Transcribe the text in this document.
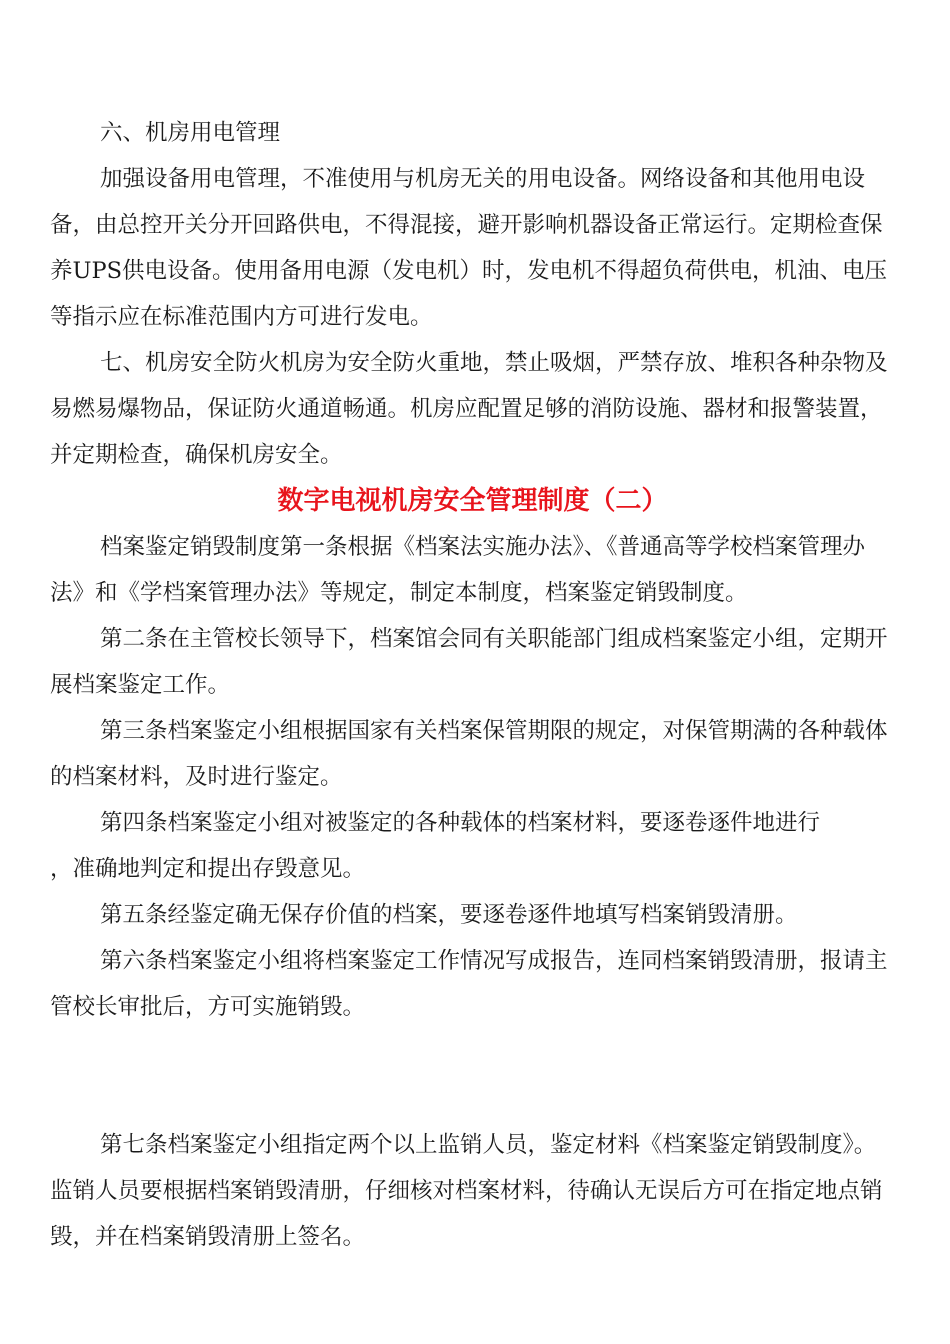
六、机房用电管理

加强设备用电管理，不准使用与机房无关的用电设备。网络设备和其他用电设
备，由总控开关分开回路供电，不得混接，避开影响机器设备正常运行。定期检查保
养UPS供电设备。使用备用电源（发电机）时，发电机不得超负荷供电，机油、电压
等指示应在标准范围内方可进行发电。
七、机房安全防火机房为安全防火重地，禁止吸烟，严禁存放、堆积各种杂物及
易燃易爆物品，保证防火通道畅通。机房应配置足够的消防设施、器材和报警装置，
并定期检查，确保机房安全。
数字电视机房安全管理制度（二）
档案鉴定销毁制度第一条根据《档案法实施办法》、《普通高等学校档案管理办
法》和《学档案管理办法》等规定，制定本制度，档案鉴定销毁制度。
第二条在主管校长领导下，档案馆会同有关职能部门组成档案鉴定小组，定期开
展档案鉴定工作。
第三条档案鉴定小组根据国家有关档案保管期限的规定，对保管期满的各种载体
的档案材料，及时进行鉴定。
第四条档案鉴定小组对被鉴定的各种载体的档案材料，要逐卷逐件地进行
，准确地判定和提出存毁意见。
第五条经鉴定确无保存价值的档案，要逐卷逐件地填写档案销毁清册。
第六条档案鉴定小组将档案鉴定工作情况写成报告，连同档案销毁清册，报请主
管校长审批后，方可实施销毁。
第七条档案鉴定小组指定两个以上监销人员，鉴定材料《档案鉴定销毁制度》。
监销人员要根据档案销毁清册，仔细核对档案材料，待确认无误后方可在指定地点销
毁，并在档案销毁清册上签名。
